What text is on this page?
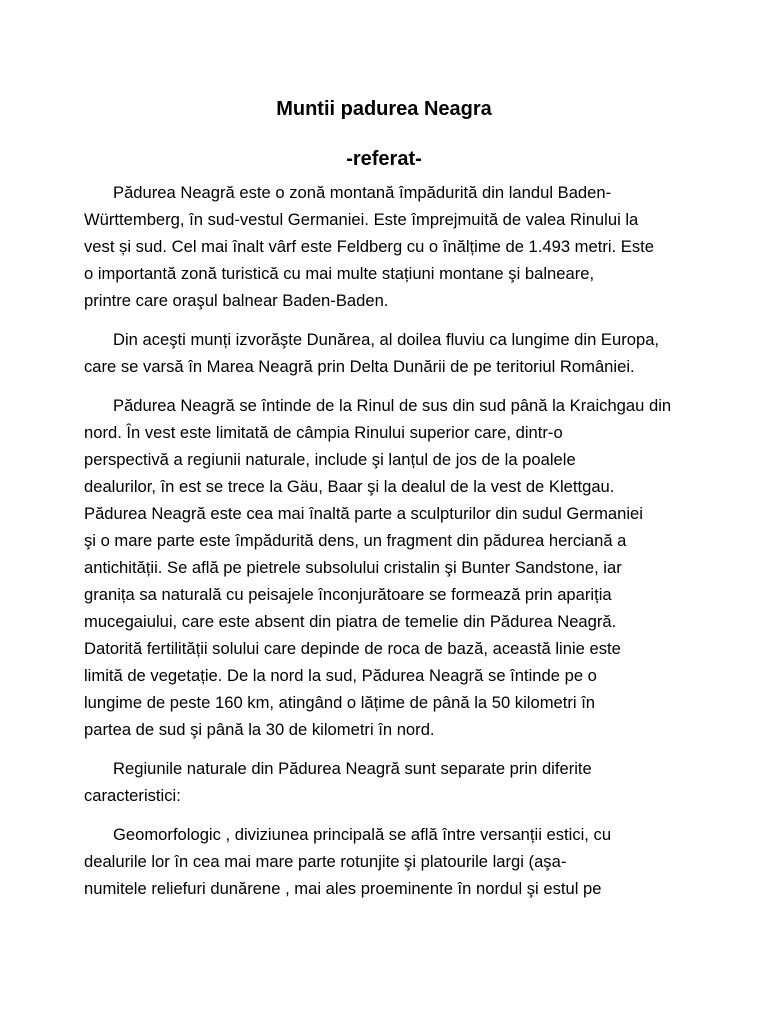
Muntii padurea Neagra
-referat-

Pădurea Neagră este o zonă montană împădurită din landul Baden-
Württemberg, în sud-vestul Germaniei. Este împrejmuită de valea Rinului la
vest și sud. Cel mai înalt vârf este Feldberg cu o înălțime de 1.493 metri. Este
o importantă zonă turistică cu mai multe stațiuni montane şi balneare,
printre care oraşul balnear Baden-Baden.

Din aceşti munți izvorăşte Dunărea, al doilea fluviu ca lungime din Europa,
care se varsă în Marea Neagră prin Delta Dunării de pe teritoriul României.

Pădurea Neagră se întinde de la Rinul de sus din sud până la Kraichgau din
nord. În vest este limitată de câmpia Rinului superior care, dintr-o
perspectivă a regiunii naturale, include şi lanțul de jos de la poalele
dealurilor, în est se trece la Gäu, Baar şi la dealul de la vest de Klettgau.
Pădurea Neagră este cea mai înaltă parte a sculpturilor din sudul Germaniei
şi o mare parte este împădurită dens, un fragment din pădurea herciană a
antichității. Se află pe pietrele subsolului cristalin şi Bunter Sandstone, iar
granița sa naturală cu peisajele înconjurătoare se formează prin apariția
mucegaiului, care este absent din piatra de temelie din Pădurea Neagră.
Datorită fertilității solului care depinde de roca de bază, această linie este
limită de vegetație. De la nord la sud, Pădurea Neagră se întinde pe o
lungime de peste 160 km, atingând o lățime de până la 50 kilometri în
partea de sud şi până la 30 de kilometri în nord.

Regiunile naturale din Pădurea Neagră sunt separate prin diferite
caracteristici:

Geomorfologic , diviziunea principală se află între versanții estici, cu
dealurile lor în cea mai mare parte rotunjite şi platourile largi (aşa-
numitele reliefuri dunărene , mai ales proeminente în nordul şi estul pe
